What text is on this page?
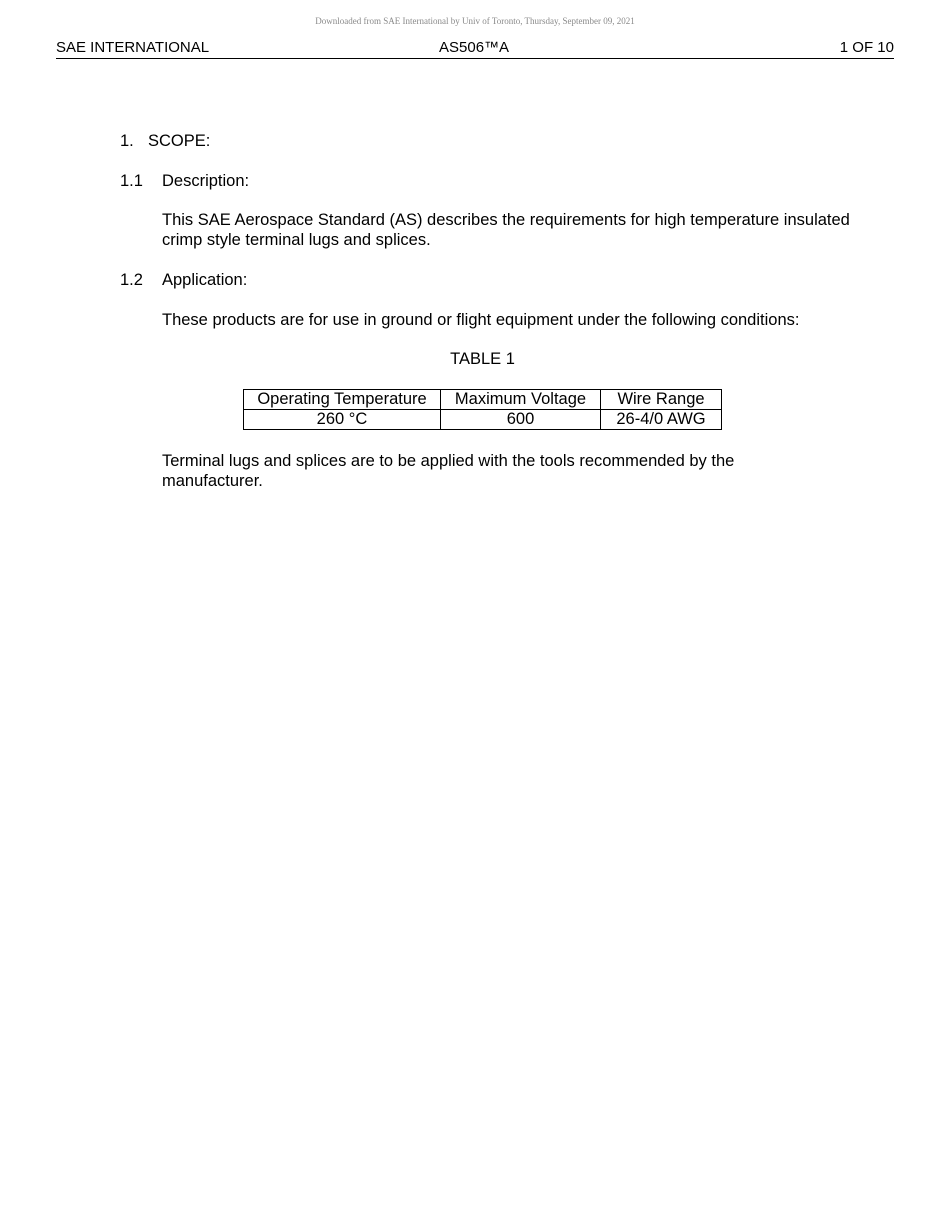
Downloaded from SAE International by Univ of Toronto, Thursday, September 09, 2021
SAE INTERNATIONAL	AS506™A	1 OF 10
1. SCOPE:
1.1 Description:
This SAE Aerospace Standard (AS) describes the requirements for high temperature insulated crimp style terminal lugs and splices.
1.2 Application:
These products are for use in ground or flight equipment under the following conditions:
TABLE 1
Operating Temperature	Maximum Voltage	Wire Range
260 °C	600	26-4/0 AWG
Terminal lugs and splices are to be applied with the tools recommended by the manufacturer.
